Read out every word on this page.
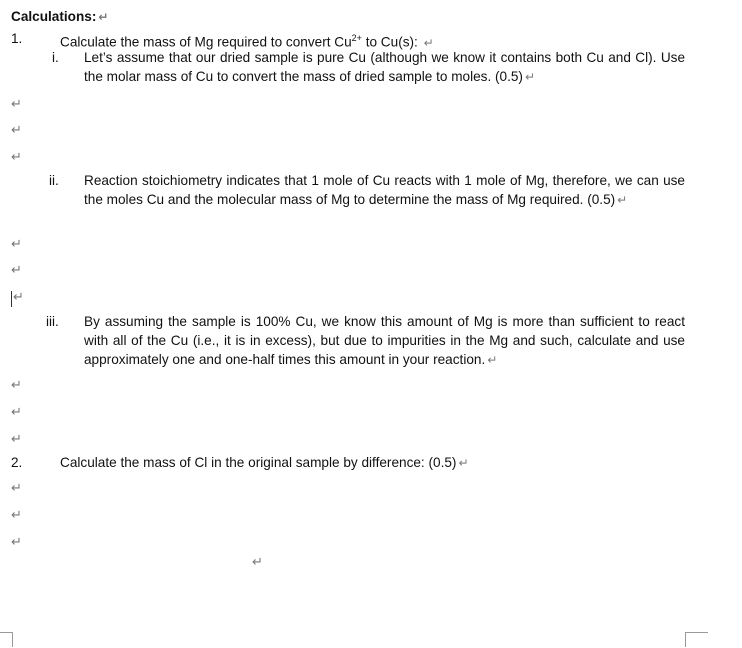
Calculations: ↵
1.	Calculate the mass of Mg required to convert $Cu^{2+}$ to Cu(s): ↵
i. Let’s assume that our dried sample is pure Cu (although we know it contains both Cu and Cl). Use the molar mass of Cu to convert the mass of dried sample to moles. (0.5) ↵
↵
↵
↵
ii. Reaction stoichiometry indicates that 1 mole of Cu reacts with 1 mole of Mg, therefore, we can use the moles Cu and the molecular mass of Mg to determine the mass of Mg required. (0.5) ↵
↵
↵
↵
iii. By assuming the sample is 100% Cu, we know this amount of Mg is more than sufficient to react with all of the Cu (i.e., it is in excess), but due to impurities in the Mg and such, calculate and use approximately one and one-half times this amount in your reaction. ↵
↵
↵
↵
2.	Calculate the mass of Cl in the original sample by difference: (0.5) ↵
↵
↵
↵
↵
